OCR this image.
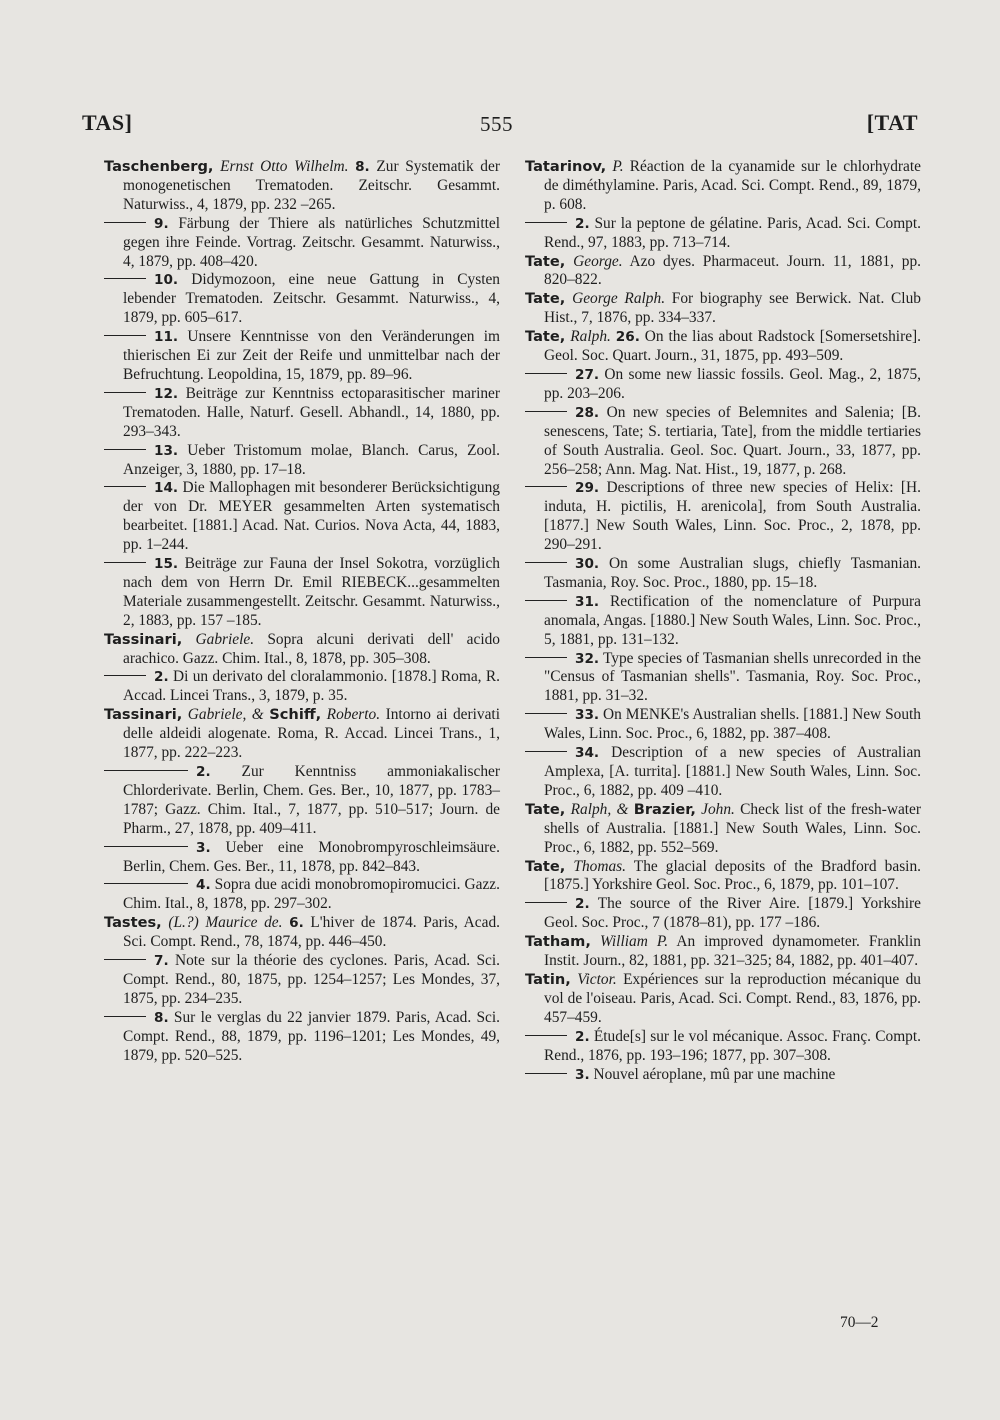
TAS]	555	[TAT

Taschenberg, Ernst Otto Wilhelm. 8. Zur Systematik der monogenetischen Trematoden. Zeitschr. Gesammt. Naturwiss., 4, 1879, pp. 232 –265.

9. Färbung der Thiere als natürliches Schutzmittel gegen ihre Feinde. Vortrag. Zeitschr. Gesammt. Naturwiss., 4, 1879, pp. 408–420.

10. Didymozoon, eine neue Gattung in Cysten lebender Trematoden. Zeitschr. Gesammt. Naturwiss., 4, 1879, pp. 605–617.

11. Unsere Kenntnisse von den Veränderungen im thierischen Ei zur Zeit der Reife und unmittelbar nach der Befruchtung. Leopoldina, 15, 1879, pp. 89–96.

12. Beiträge zur Kenntniss ectoparasitischer mariner Trematoden. Halle, Naturf. Gesell. Abhandl., 14, 1880, pp. 293–343.

13. Ueber Tristomum molae, Blanch. Carus, Zool. Anzeiger, 3, 1880, pp. 17–18.

14. Die Mallophagen mit besonderer Berücksichtigung der von Dr. MEYER gesammelten Arten systematisch bearbeitet. [1881.] Acad. Nat. Curios. Nova Acta, 44, 1883, pp. 1–244.

15. Beiträge zur Fauna der Insel Sokotra, vorzüglich nach dem von Herrn Dr. Emil RIEBECK...gesammelten Materiale zusammengestellt. Zeitschr. Gesammt. Naturwiss., 2, 1883, pp. 157 –185.

Tassinari, Gabriele. Sopra alcuni derivati dell' acido arachico. Gazz. Chim. Ital., 8, 1878, pp. 305–308.

2. Di un derivato del cloralammonio. [1878.] Roma, R. Accad. Lincei Trans., 3, 1879, p. 35.

Tassinari, Gabriele, & Schiff, Roberto. Intorno ai derivati delle aldeidi alogenate. Roma, R. Accad. Lincei Trans., 1, 1877, pp. 222–223.

2. Zur Kenntniss ammoniakalischer Chlorderivate. Berlin, Chem. Ges. Ber., 10, 1877, pp. 1783–1787; Gazz. Chim. Ital., 7, 1877, pp. 510–517; Journ. de Pharm., 27, 1878, pp. 409–411.

3. Ueber eine Monobrompyroschleimsäure. Berlin, Chem. Ges. Ber., 11, 1878, pp. 842–843.

4. Sopra due acidi monobromopiromucici. Gazz. Chim. Ital., 8, 1878, pp. 297–302.

Tastes, (L.?) Maurice de. 6. L'hiver de 1874. Paris, Acad. Sci. Compt. Rend., 78, 1874, pp. 446–450.

7. Note sur la théorie des cyclones. Paris, Acad. Sci. Compt. Rend., 80, 1875, pp. 1254–1257; Les Mondes, 37, 1875, pp. 234–235.

8. Sur le verglas du 22 janvier 1879. Paris, Acad. Sci. Compt. Rend., 88, 1879, pp. 1196–1201; Les Mondes, 49, 1879, pp. 520–525.

Tatarinov, P. Réaction de la cyanamide sur le chlorhydrate de diméthylamine. Paris, Acad. Sci. Compt. Rend., 89, 1879, p. 608.

2. Sur la peptone de gélatine. Paris, Acad. Sci. Compt. Rend., 97, 1883, pp. 713–714.

Tate, George. Azo dyes. Pharmaceut. Journ. 11, 1881, pp. 820–822.

Tate, George Ralph. For biography see Berwick. Nat. Club Hist., 7, 1876, pp. 334–337.

Tate, Ralph. 26. On the lias about Radstock [Somersetshire]. Geol. Soc. Quart. Journ., 31, 1875, pp. 493–509.

27. On some new liassic fossils. Geol. Mag., 2, 1875, pp. 203–206.

28. On new species of Belemnites and Salenia; [B. senescens, Tate; S. tertiaria, Tate], from the middle tertiaries of South Australia. Geol. Soc. Quart. Journ., 33, 1877, pp. 256–258; Ann. Mag. Nat. Hist., 19, 1877, p. 268.

29. Descriptions of three new species of Helix: [H. induta, H. pictilis, H. arenicola], from South Australia. [1877.] New South Wales, Linn. Soc. Proc., 2, 1878, pp. 290–291.

30. On some Australian slugs, chiefly Tasmanian. Tasmania, Roy. Soc. Proc., 1880, pp. 15–18.

31. Rectification of the nomenclature of Purpura anomala, Angas. [1880.] New South Wales, Linn. Soc. Proc., 5, 1881, pp. 131–132.

32. Type species of Tasmanian shells unrecorded in the "Census of Tasmanian shells". Tasmania, Roy. Soc. Proc., 1881, pp. 31–32.

33. On MENKE's Australian shells. [1881.] New South Wales, Linn. Soc. Proc., 6, 1882, pp. 387–408.

34. Description of a new species of Australian Amplexa, [A. turrita]. [1881.] New South Wales, Linn. Soc. Proc., 6, 1882, pp. 409 –410.

Tate, Ralph, & Brazier, John. Check list of the fresh-water shells of Australia. [1881.] New South Wales, Linn. Soc. Proc., 6, 1882, pp. 552–569.

Tate, Thomas. The glacial deposits of the Bradford basin. [1875.] Yorkshire Geol. Soc. Proc., 6, 1879, pp. 101–107.

2. The source of the River Aire. [1879.] Yorkshire Geol. Soc. Proc., 7 (1878–81), pp. 177 –186.

Tatham, William P. An improved dynamometer. Franklin Instit. Journ., 82, 1881, pp. 321–325; 84, 1882, pp. 401–407.

Tatin, Victor. Expériences sur la reproduction mécanique du vol de l'oiseau. Paris, Acad. Sci. Compt. Rend., 83, 1876, pp. 457–459.

2. Étude[s] sur le vol mécanique. Assoc. Franç. Compt. Rend., 1876, pp. 193–196; 1877, pp. 307–308.

3. Nouvel aéroplane, mû par une machine

70—2
